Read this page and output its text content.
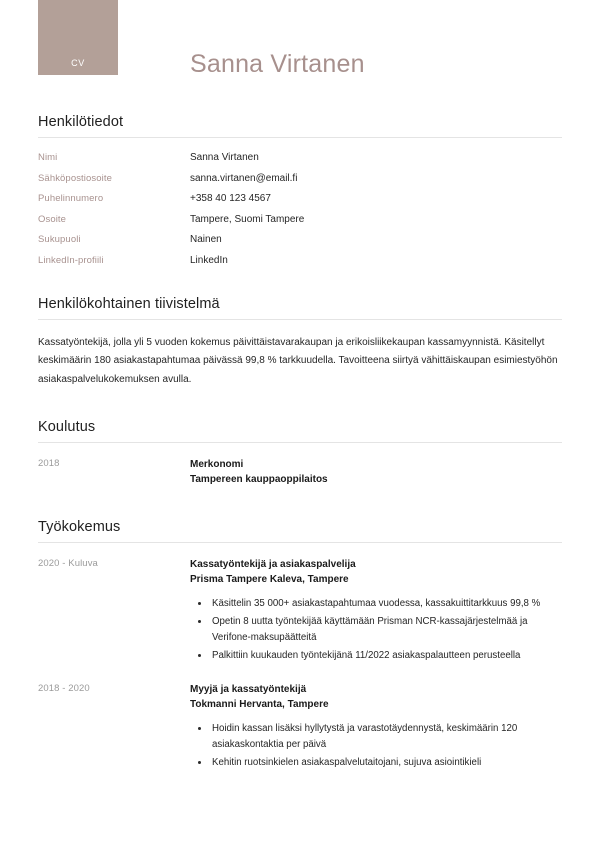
CV	Sanna Virtanen
Henkilötiedot
Nimi	Sanna Virtanen
Sähköpostiosoite	sanna.virtanen@email.fi
Puhelinnumero	+358 40 123 4567
Osoite	Tampere, Suomi Tampere
Sukupuoli	Nainen
LinkedIn-profiili	LinkedIn
Henkilökohtainen tiivistelmä

Kassatyöntekijä, jolla yli 5 vuoden kokemus päivittäistavarakaupan ja erikoisliikekaupan kassamyynnistä. Käsitellyt keskimäärin 180 asiakastapahtumaa päivässä 99,8 % tarkkuudella. Tavoitteena siirtyä vähittäiskaupan esimiestyöhön asiakaspalvelukokemuksen avulla.

Koulutus
2018	Merkonomi
Tampereen kauppaoppilaitos
Työkokemus
2020 - Kuluva	Kassatyöntekijä ja asiakaspalvelija
Prisma Tampere Kaleva, Tampere
Käsittelin 35 000+ asiakastapahtumaa vuodessa, kassakuittitarkkuus 99,8 %
Opetin 8 uutta työntekijää käyttämään Prisman NCR-kassajärjestelmää ja Verifone-maksupäätteitä
Palkittiin kuukauden työntekijänä 11/2022 asiakaspalautteen perusteella
2018 - 2020	Myyjä ja kassatyöntekijä
Tokmanni Hervanta, Tampere
Hoidin kassan lisäksi hyllytystä ja varastotäydennystä, keskimäärin 120 asiakaskontaktia per päivä
Kehitin ruotsinkielen asiakaspalvelutaitojani, sujuva asiointikieli
